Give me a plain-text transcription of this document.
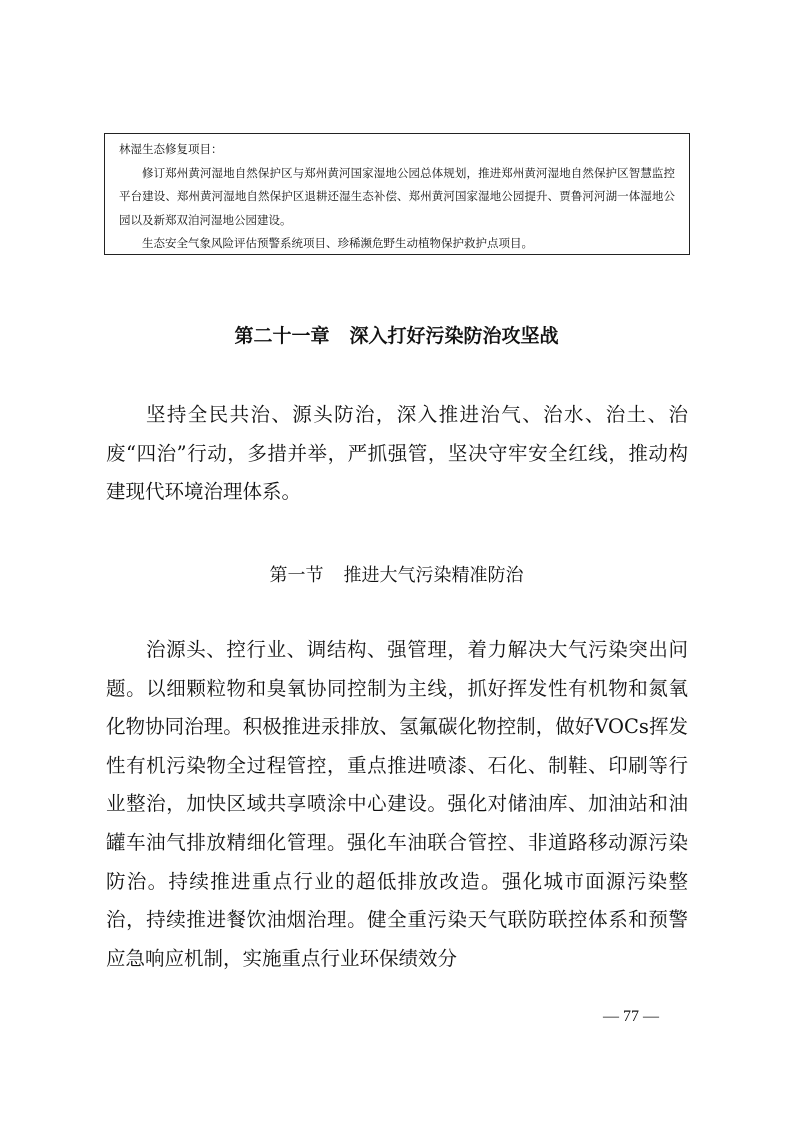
林湿生态修复项目：

修订郑州黄河湿地自然保护区与郑州黄河国家湿地公园总体规划，推进郑州黄河湿地自然保护区智慧监控平台建设、郑州黄河湿地自然保护区退耕还湿生态补偿、郑州黄河国家湿地公园提升、贾鲁河河湖一体湿地公园以及新郑双洎河湿地公园建设。

生态安全气象风险评估预警系统项目、珍稀濒危野生动植物保护救护点项目。

第二十一章 深入打好污染防治攻坚战

坚持全民共治、源头防治，深入推进治气、治水、治土、治废“四治”行动，多措并举，严抓强管，坚决守牢安全红线，推动构建现代环境治理体系。

第一节 推进大气污染精准防治

治源头、控行业、调结构、强管理，着力解决大气污染突出问题。以细颗粒物和臭氧协同控制为主线，抓好挥发性有机物和氮氧化物协同治理。积极推进汞排放、氢氟碳化物控制，做好VOCs挥发性有机污染物全过程管控，重点推进喷漆、石化、制鞋、印刷等行业整治，加快区域共享喷涂中心建设。强化对储油库、加油站和油罐车油气排放精细化管理。强化车油联合管控、非道路移动源污染防治。持续推进重点行业的超低排放改造。强化城市面源污染整治，持续推进餐饮油烟治理。健全重污染天气联防联控体系和预警应急响应机制，实施重点行业环保绩效分

— 77 —
